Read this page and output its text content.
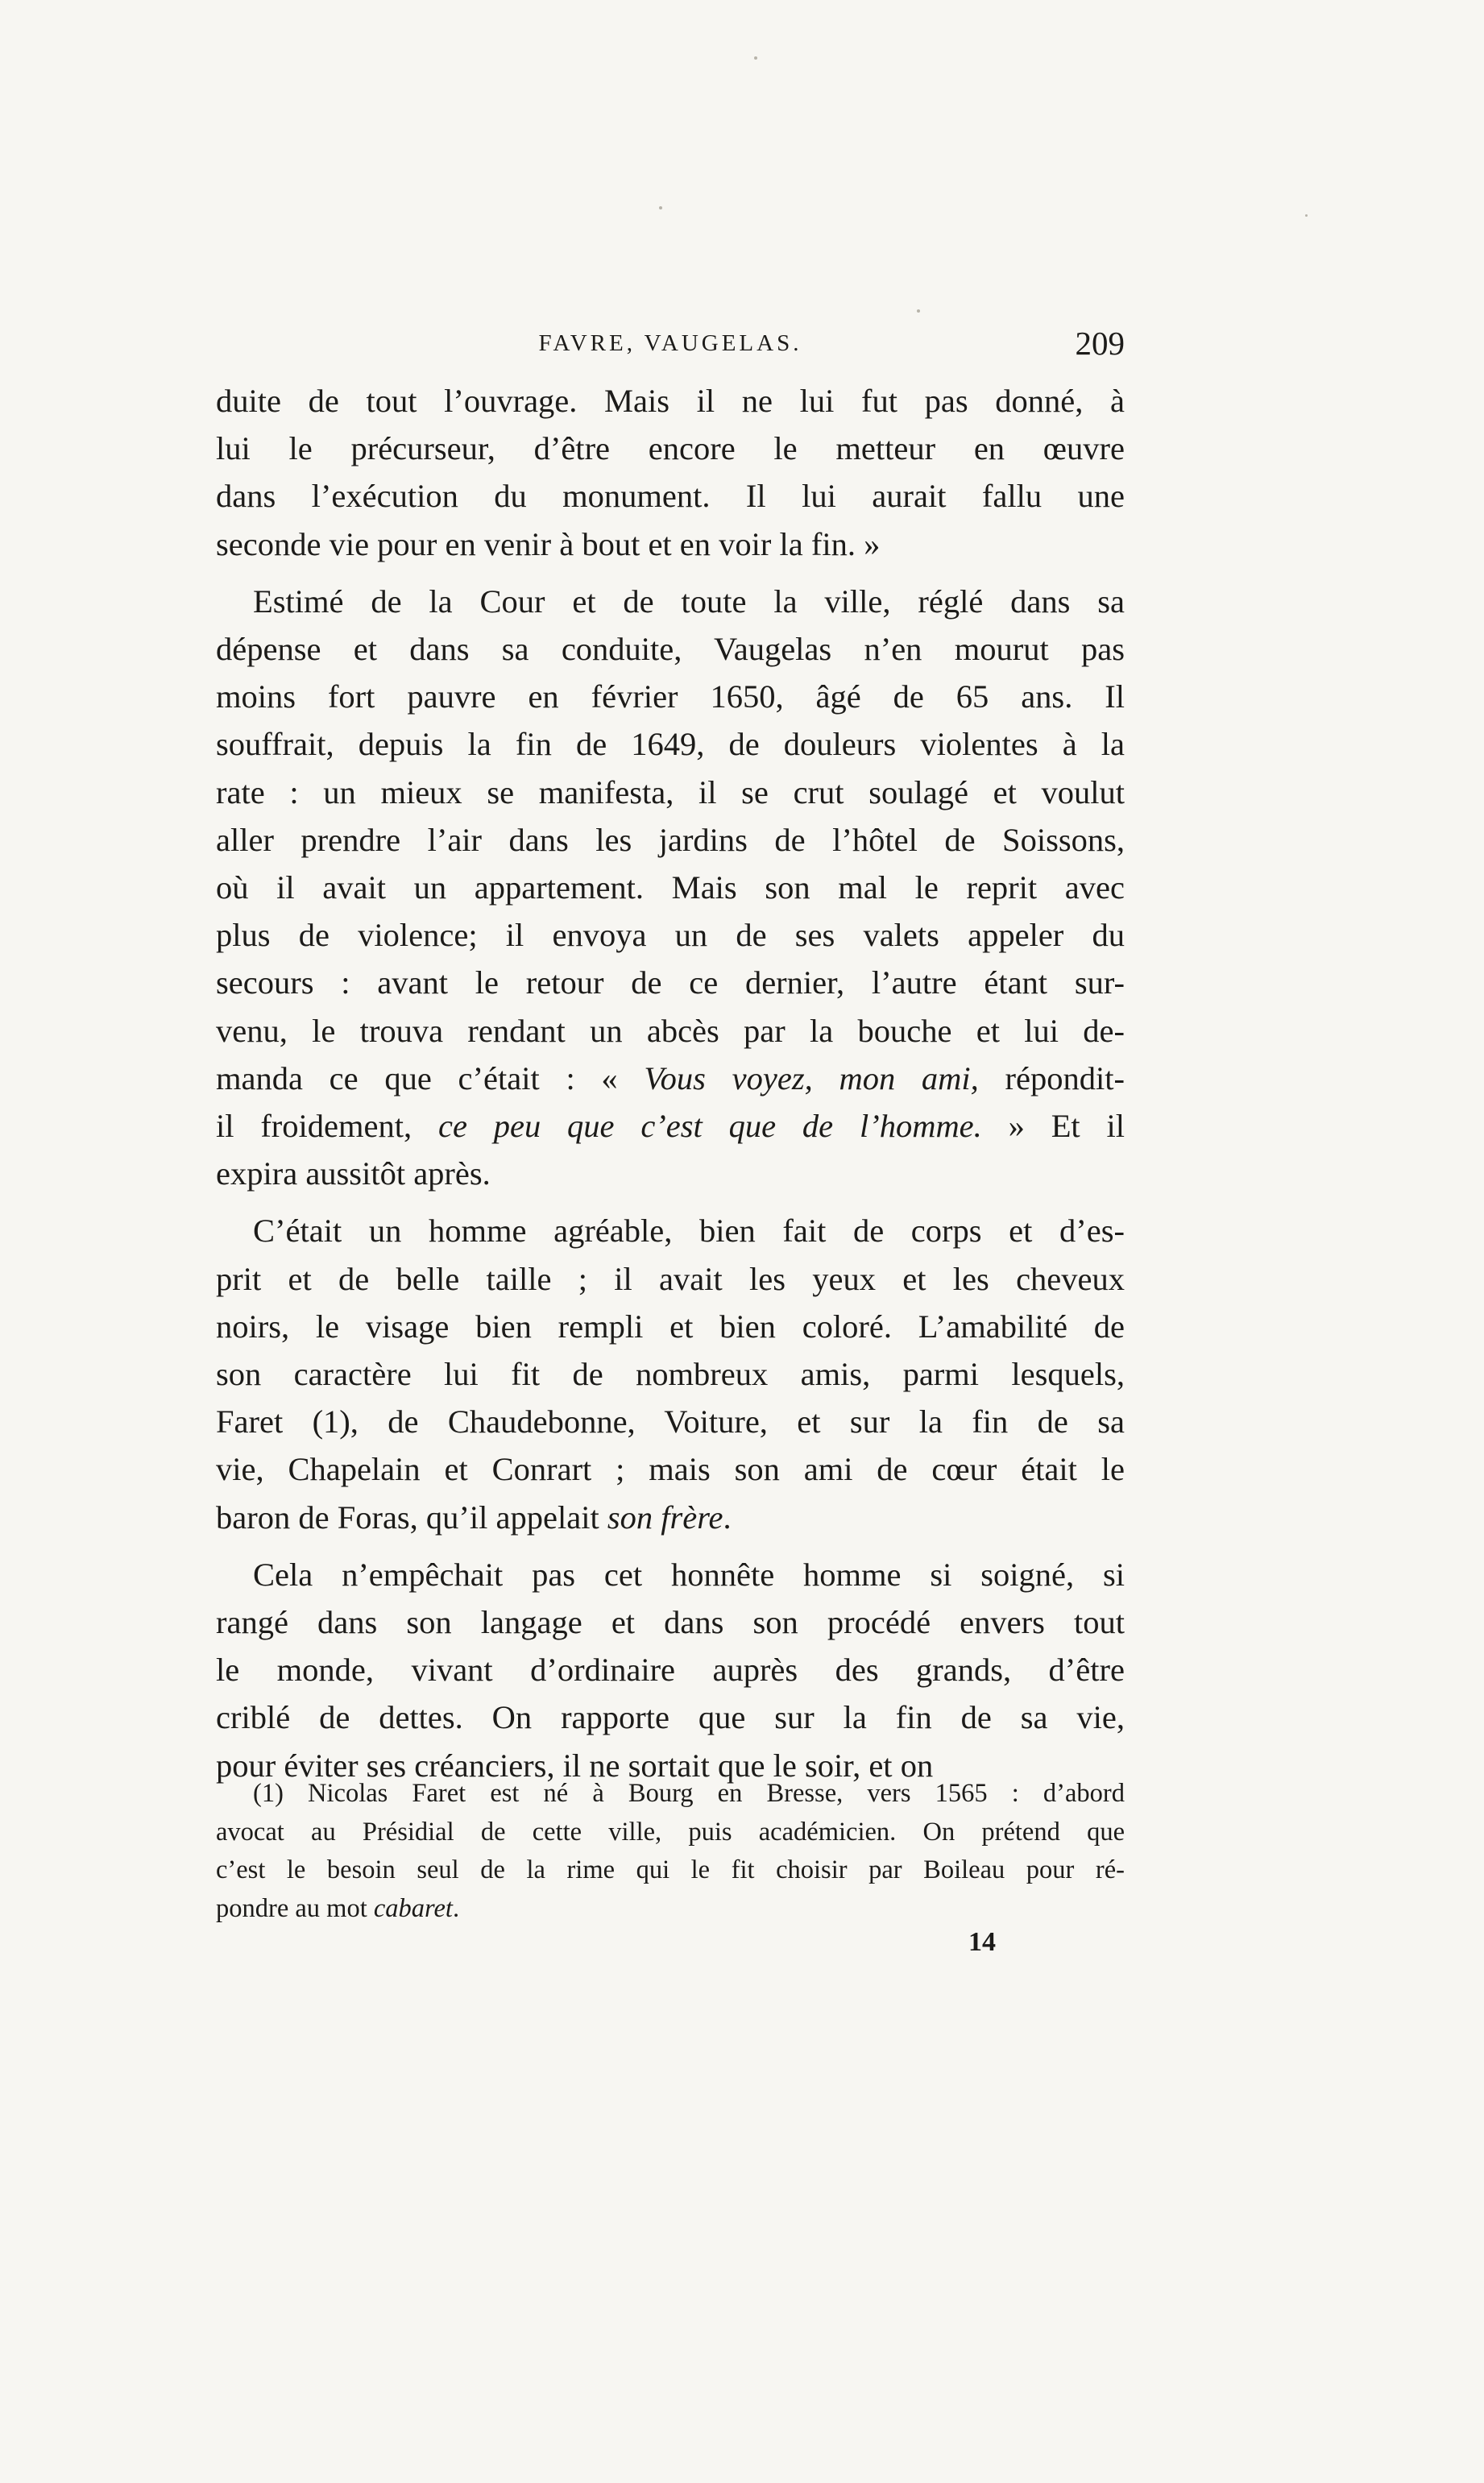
FAVRE, VAUGELAS.	209

duite de tout l’ouvrage. Mais il ne lui fut pas donné, à
lui le précurseur, d’être encore le metteur en œuvre
dans l’exécution du monument. Il lui aurait fallu une
seconde vie pour en venir à bout et en voir la fin. »

Estimé de la Cour et de toute la ville, réglé dans sa
dépense et dans sa conduite, Vaugelas n’en mourut pas
moins fort pauvre en février 1650, âgé de 65 ans. Il
souffrait, depuis la fin de 1649, de douleurs violentes à la
rate : un mieux se manifesta, il se crut soulagé et voulut
aller prendre l’air dans les jardins de l’hôtel de Soissons,
où il avait un appartement. Mais son mal le reprit avec
plus de violence; il envoya un de ses valets appeler du
secours : avant le retour de ce dernier, l’autre étant sur-
venu, le trouva rendant un abcès par la bouche et lui de-
manda ce que c’était : « Vous voyez, mon ami, répondit-
il froidement, ce peu que c’est que de l’homme. » Et il
expira aussitôt après.

C’était un homme agréable, bien fait de corps et d’es-
prit et de belle taille ; il avait les yeux et les cheveux
noirs, le visage bien rempli et bien coloré. L’amabilité de
son caractère lui fit de nombreux amis, parmi lesquels,
Faret (1), de Chaudebonne, Voiture, et sur la fin de sa
vie, Chapelain et Conrart ; mais son ami de cœur était le
baron de Foras, qu’il appelait son frère.

Cela n’empêchait pas cet honnête homme si soigné, si
rangé dans son langage et dans son procédé envers tout
le monde, vivant d’ordinaire auprès des grands, d’être
criblé de dettes. On rapporte que sur la fin de sa vie,
pour éviter ses créanciers, il ne sortait que le soir, et on

(1) Nicolas Faret est né à Bourg en Bresse, vers 1565 : d’abord
avocat au Présidial de cette ville, puis académicien. On prétend que
c’est le besoin seul de la rime qui le fit choisir par Boileau pour ré-
pondre au mot cabaret.
14
